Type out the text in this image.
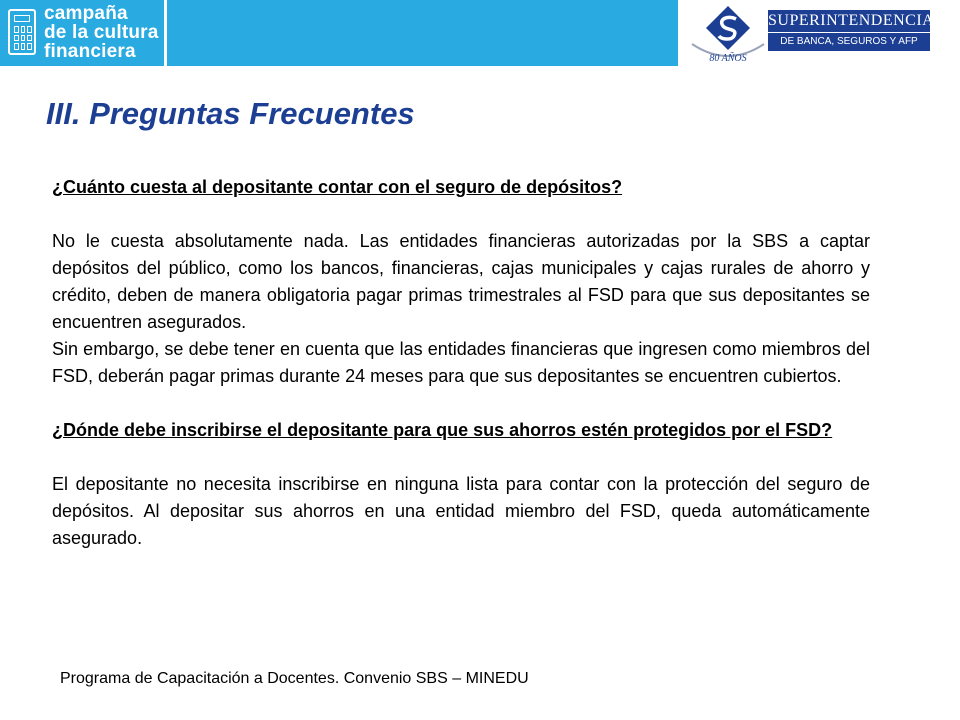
campaña
de la cultura
financiera	80 AÑOS
SUPERINTENDENCIA
DE BANCA, SEGUROS Y AFP
III. Preguntas Frecuentes

¿Cuánto cuesta al depositante contar con el seguro de depósitos?

No le cuesta absolutamente nada. Las entidades financieras autorizadas por la SBS a captar depósitos del público, como los bancos, financieras, cajas municipales y cajas rurales de ahorro y crédito, deben de manera obligatoria pagar primas trimestrales al FSD para que sus depositantes se encuentren asegurados.

Sin embargo, se debe tener en cuenta que las entidades financieras que ingresen como miembros del FSD, deberán pagar primas durante 24 meses para que sus depositantes se encuentren cubiertos.

¿Dónde debe inscribirse el depositante para que sus ahorros estén protegidos por el FSD?

El depositante no necesita inscribirse en ninguna lista para contar con la protección del seguro de depósitos. Al depositar sus ahorros en una entidad miembro del FSD, queda automáticamente asegurado.

Programa de Capacitación a Docentes. Convenio SBS – MINEDU
